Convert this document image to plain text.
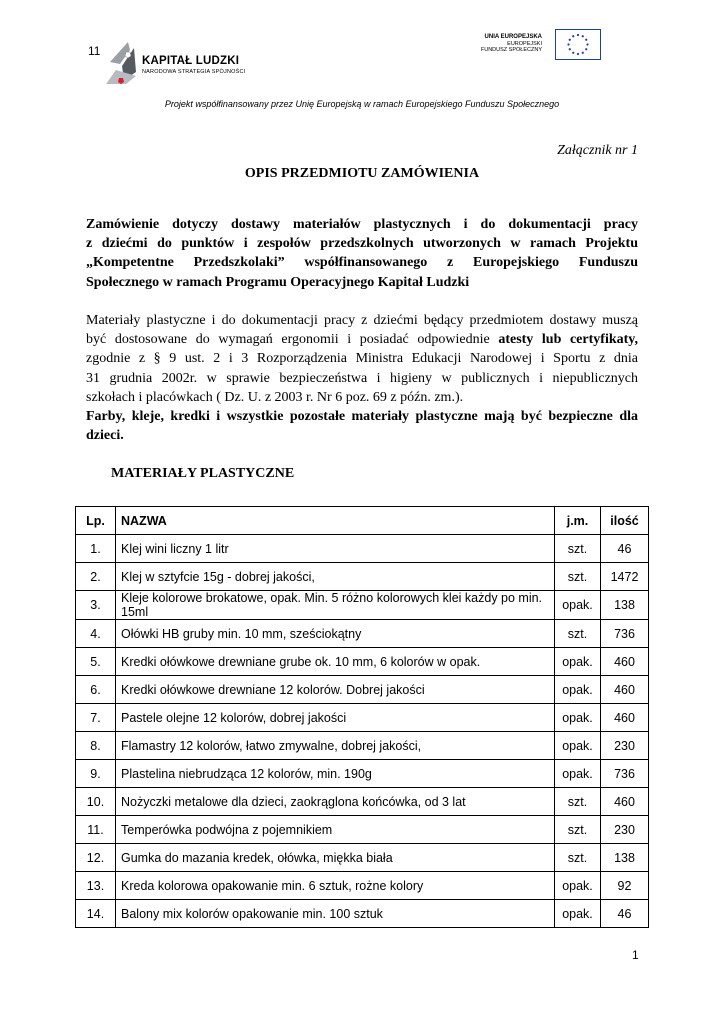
11
KAPITAŁ LUDZKI
NARODOWA STRATEGIA SPÓJNOŚCI
UNIA EUROPEJSKA
EUROPEJSKI
FUNDUSZ SPOŁECZNY
Projekt współfinansowany przez Unię Europejską w ramach Europejskiego Funduszu Społecznego
Załącznik nr 1
OPIS PRZEDMIOTU ZAMÓWIENIA
Zamówienie dotyczy dostawy materiałów plastycznych i do dokumentacji pracy
z dziećmi do punktów i zespołów przedszkolnych utworzonych w ramach Projektu
„Kompetentne Przedszkolaki” współfinansowanego z Europejskiego Funduszu
Społecznego w ramach Programu Operacyjnego Kapitał Ludzki
Materiały plastyczne i do dokumentacji pracy z dziećmi będący przedmiotem dostawy muszą
być dostosowane do wymagań ergonomii i posiadać odpowiednie atesty lub certyfikaty,
zgodnie z § 9 ust. 2 i 3 Rozporządzenia Ministra Edukacji Narodowej i Sportu z dnia
31 grudnia 2002r. w sprawie bezpieczeństwa i higieny w publicznych i niepublicznych
szkołach i placówkach ( Dz. U. z 2003 r. Nr 6 poz. 69 z późn. zm.).
Farby, kleje, kredki i wszystkie pozostałe materiały plastyczne mają być bezpieczne dla
dzieci.
MATERIAŁY PLASTYCZNE
Lp.	NAZWA	j.m.	ilość
1.	Klej wini liczny 1 litr	szt.	46
2.	Klej w sztyfcie 15g - dobrej jakości,	szt.	1472
3.	Kleje kolorowe brokatowe, opak. Min. 5 różno kolorowych klei każdy po min. 15ml	opak.	138
4.	Ołówki HB gruby min. 10 mm, sześciokątny	szt.	736
5.	Kredki ołówkowe drewniane grube ok. 10 mm, 6 kolorów w opak.	opak.	460
6.	Kredki ołówkowe drewniane 12 kolorów. Dobrej jakości	opak.	460
7.	Pastele olejne 12 kolorów, dobrej jakości	opak.	460
8.	Flamastry 12 kolorów, łatwo zmywalne, dobrej jakości,	opak.	230
9.	Plastelina niebrudząca 12 kolorów, min. 190g	opak.	736
10.	Nożyczki metalowe dla dzieci, zaokrąglona końcówka, od 3 lat	szt.	460
11.	Temperówka podwójna z pojemnikiem	szt.	230
12.	Gumka do mazania kredek, ołówka, miękka biała	szt.	138
13.	Kreda kolorowa opakowanie min. 6 sztuk, rożne kolory	opak.	92
14.	Balony mix kolorów opakowanie min. 100 sztuk	opak.	46
1
